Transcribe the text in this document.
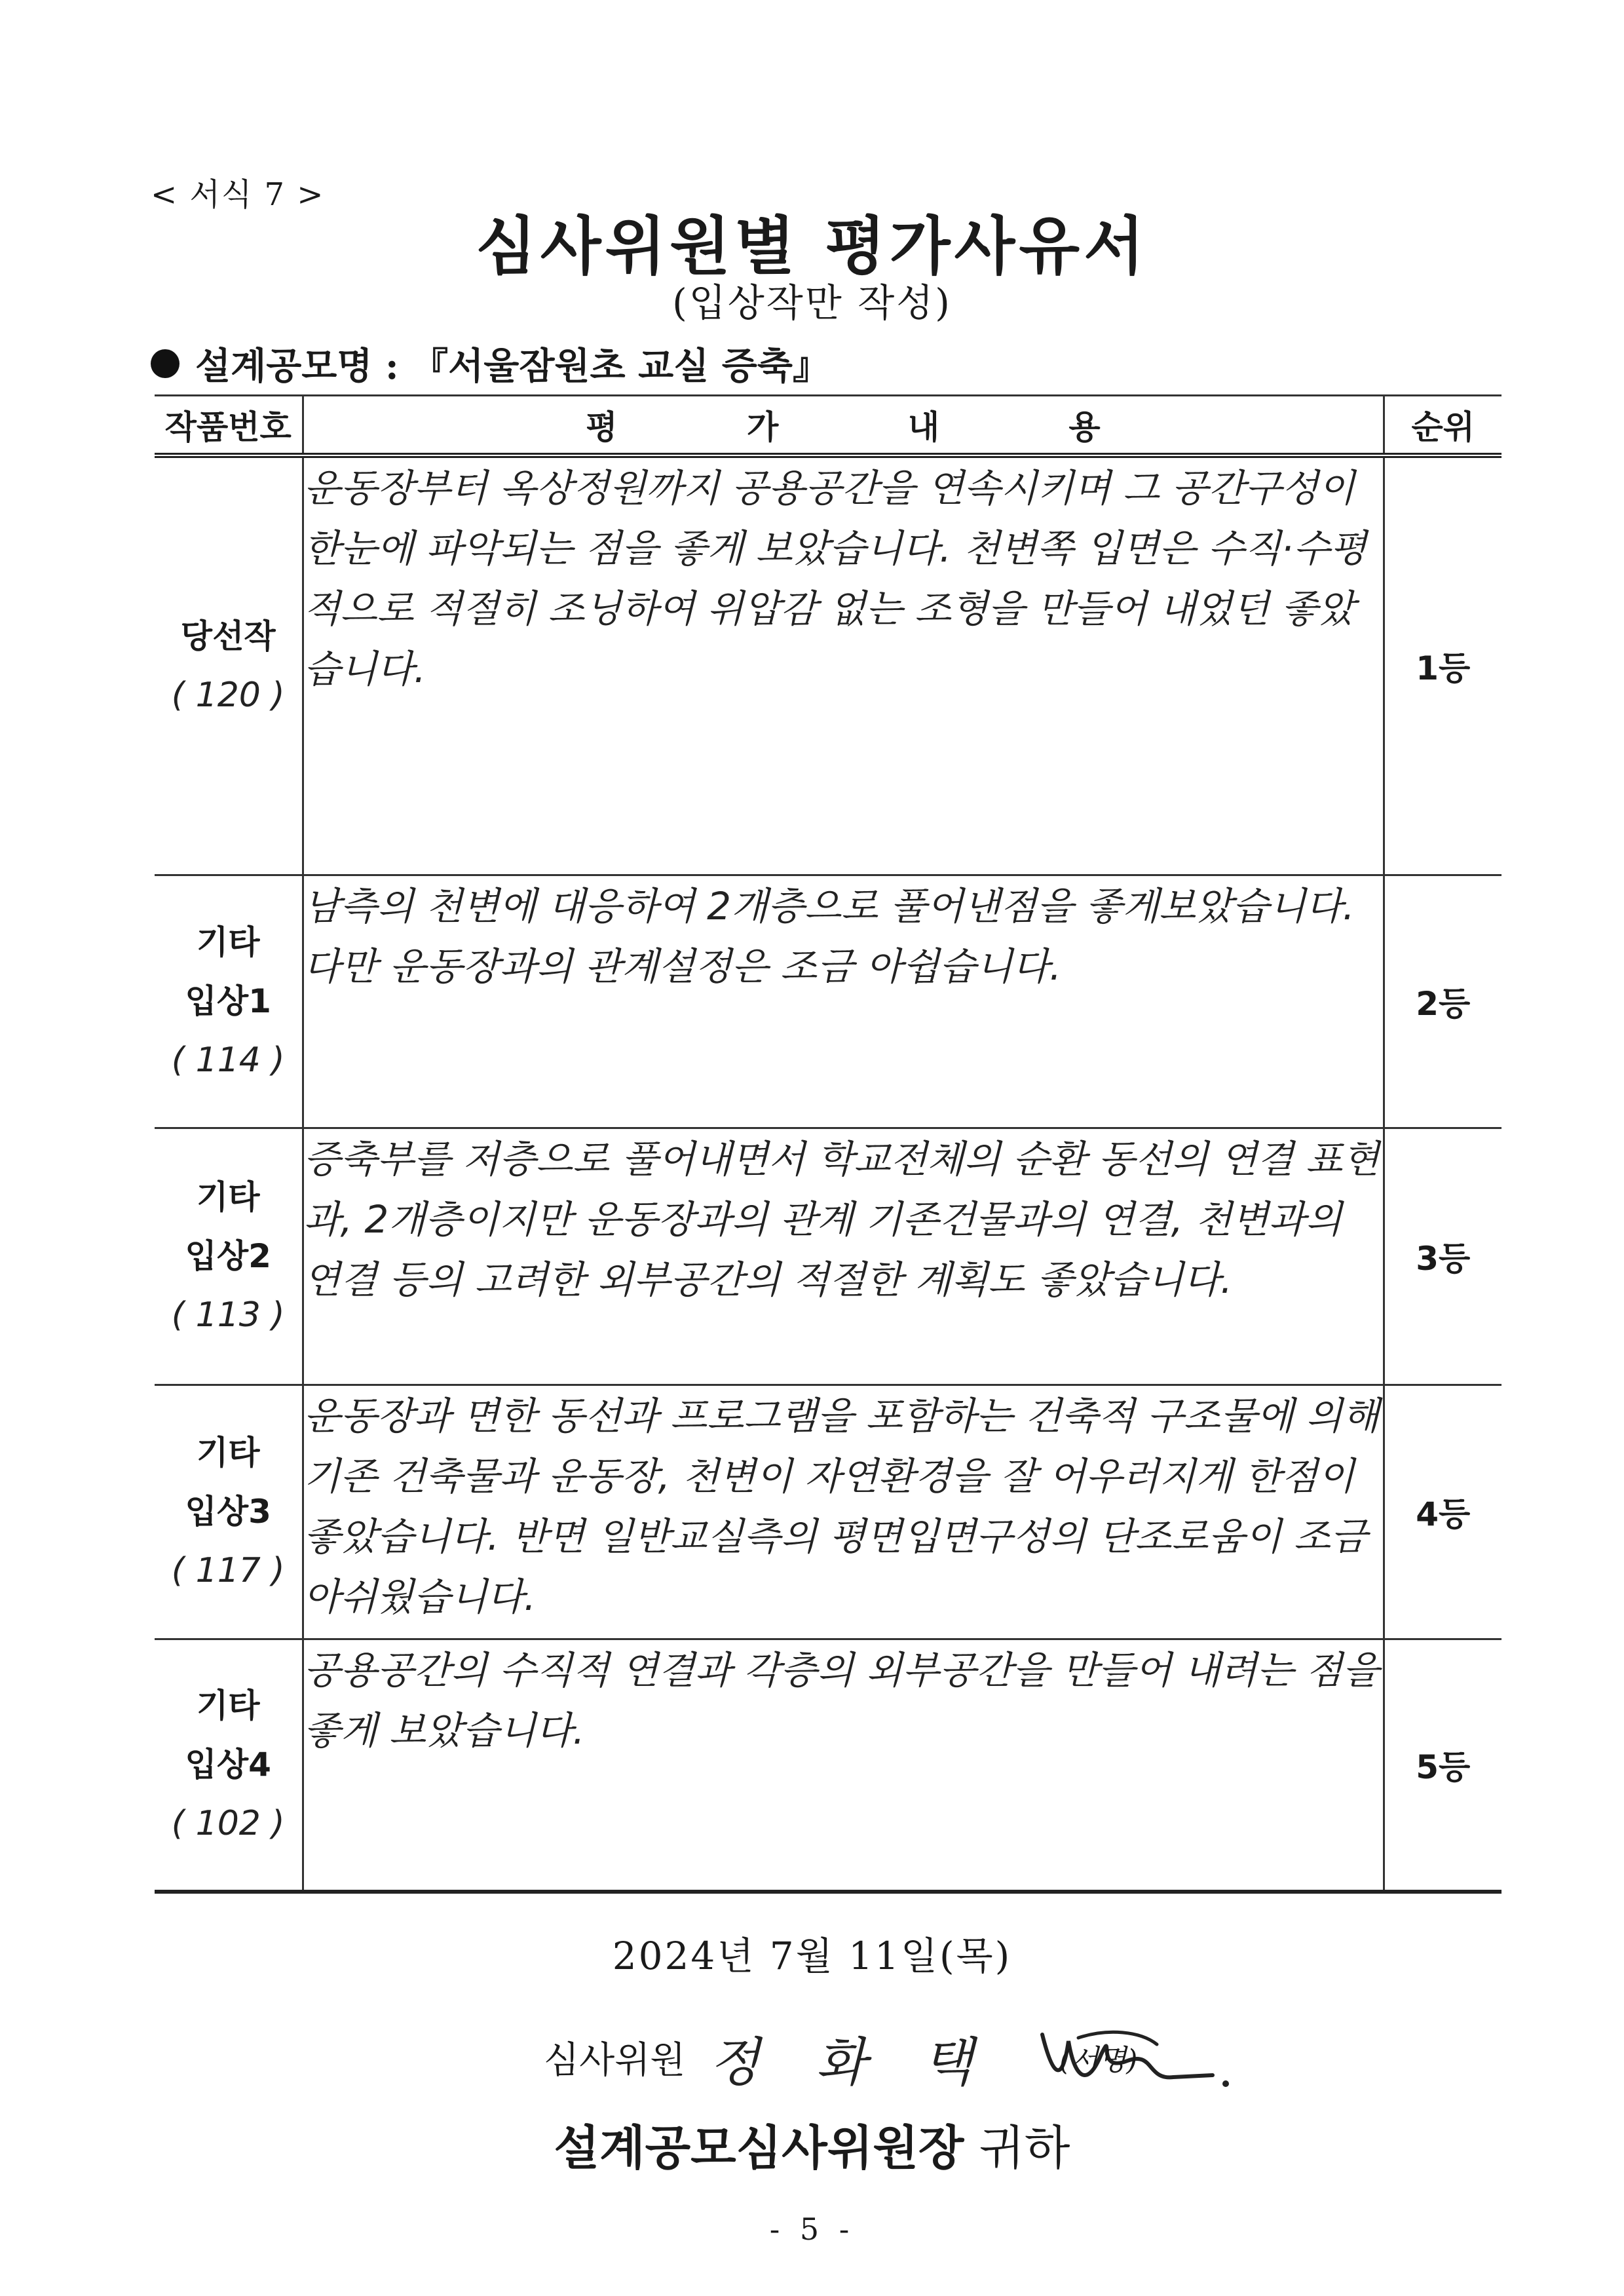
< 서식 7 >
심사위원별 평가사유서
(입상작만 작성)
설계공모명 : 『서울잠원초 교실 증축』
작품번호	평 가 내 용	순위

당선작
( 120 )	운동장부터 옥상정원까지 공용공간을 연속시키며 그 공간구성이 한눈에 파악되는 점을 좋게 보았습니다. 천변쪽 입면은 수직·수평적으로 적절히 조닝하여 위압감 없는 조형을 만들어 내었던 좋았습니다.	1등

기타
입상1
( 114 )	남측의 천변에 대응하여 2개층으로 풀어낸점을 좋게보았습니다. 다만 운동장과의 관계설정은 조금 아쉽습니다.	2등

기타
입상2
( 113 )	증축부를 저층으로 풀어내면서 학교전체의 순환 동선의 연결 표현과, 2개층이지만 운동장과의 관계 기존건물과의 연결, 천변과의 연결 등의 고려한 외부공간의 적절한 계획도 좋았습니다.	3등

기타
입상3
( 117 )	운동장과 면한 동선과 프로그램을 포함하는 건축적 구조물에 의해 기존 건축물과 운동장, 천변이 자연환경을 잘 어우러지게 한점이 좋았습니다. 반면 일반교실측의 평면입면구성의 단조로움이 조금 아쉬웠습니다.	4등

기타
입상4
( 102 )	공용공간의 수직적 연결과 각층의 외부공간을 만들어 내려는 점을 좋게 보았습니다.	5등
2024년 7월 11일(목)
심사위원 정 화 택 (서명)
설계공모심사위원장 귀하
- 5 -
